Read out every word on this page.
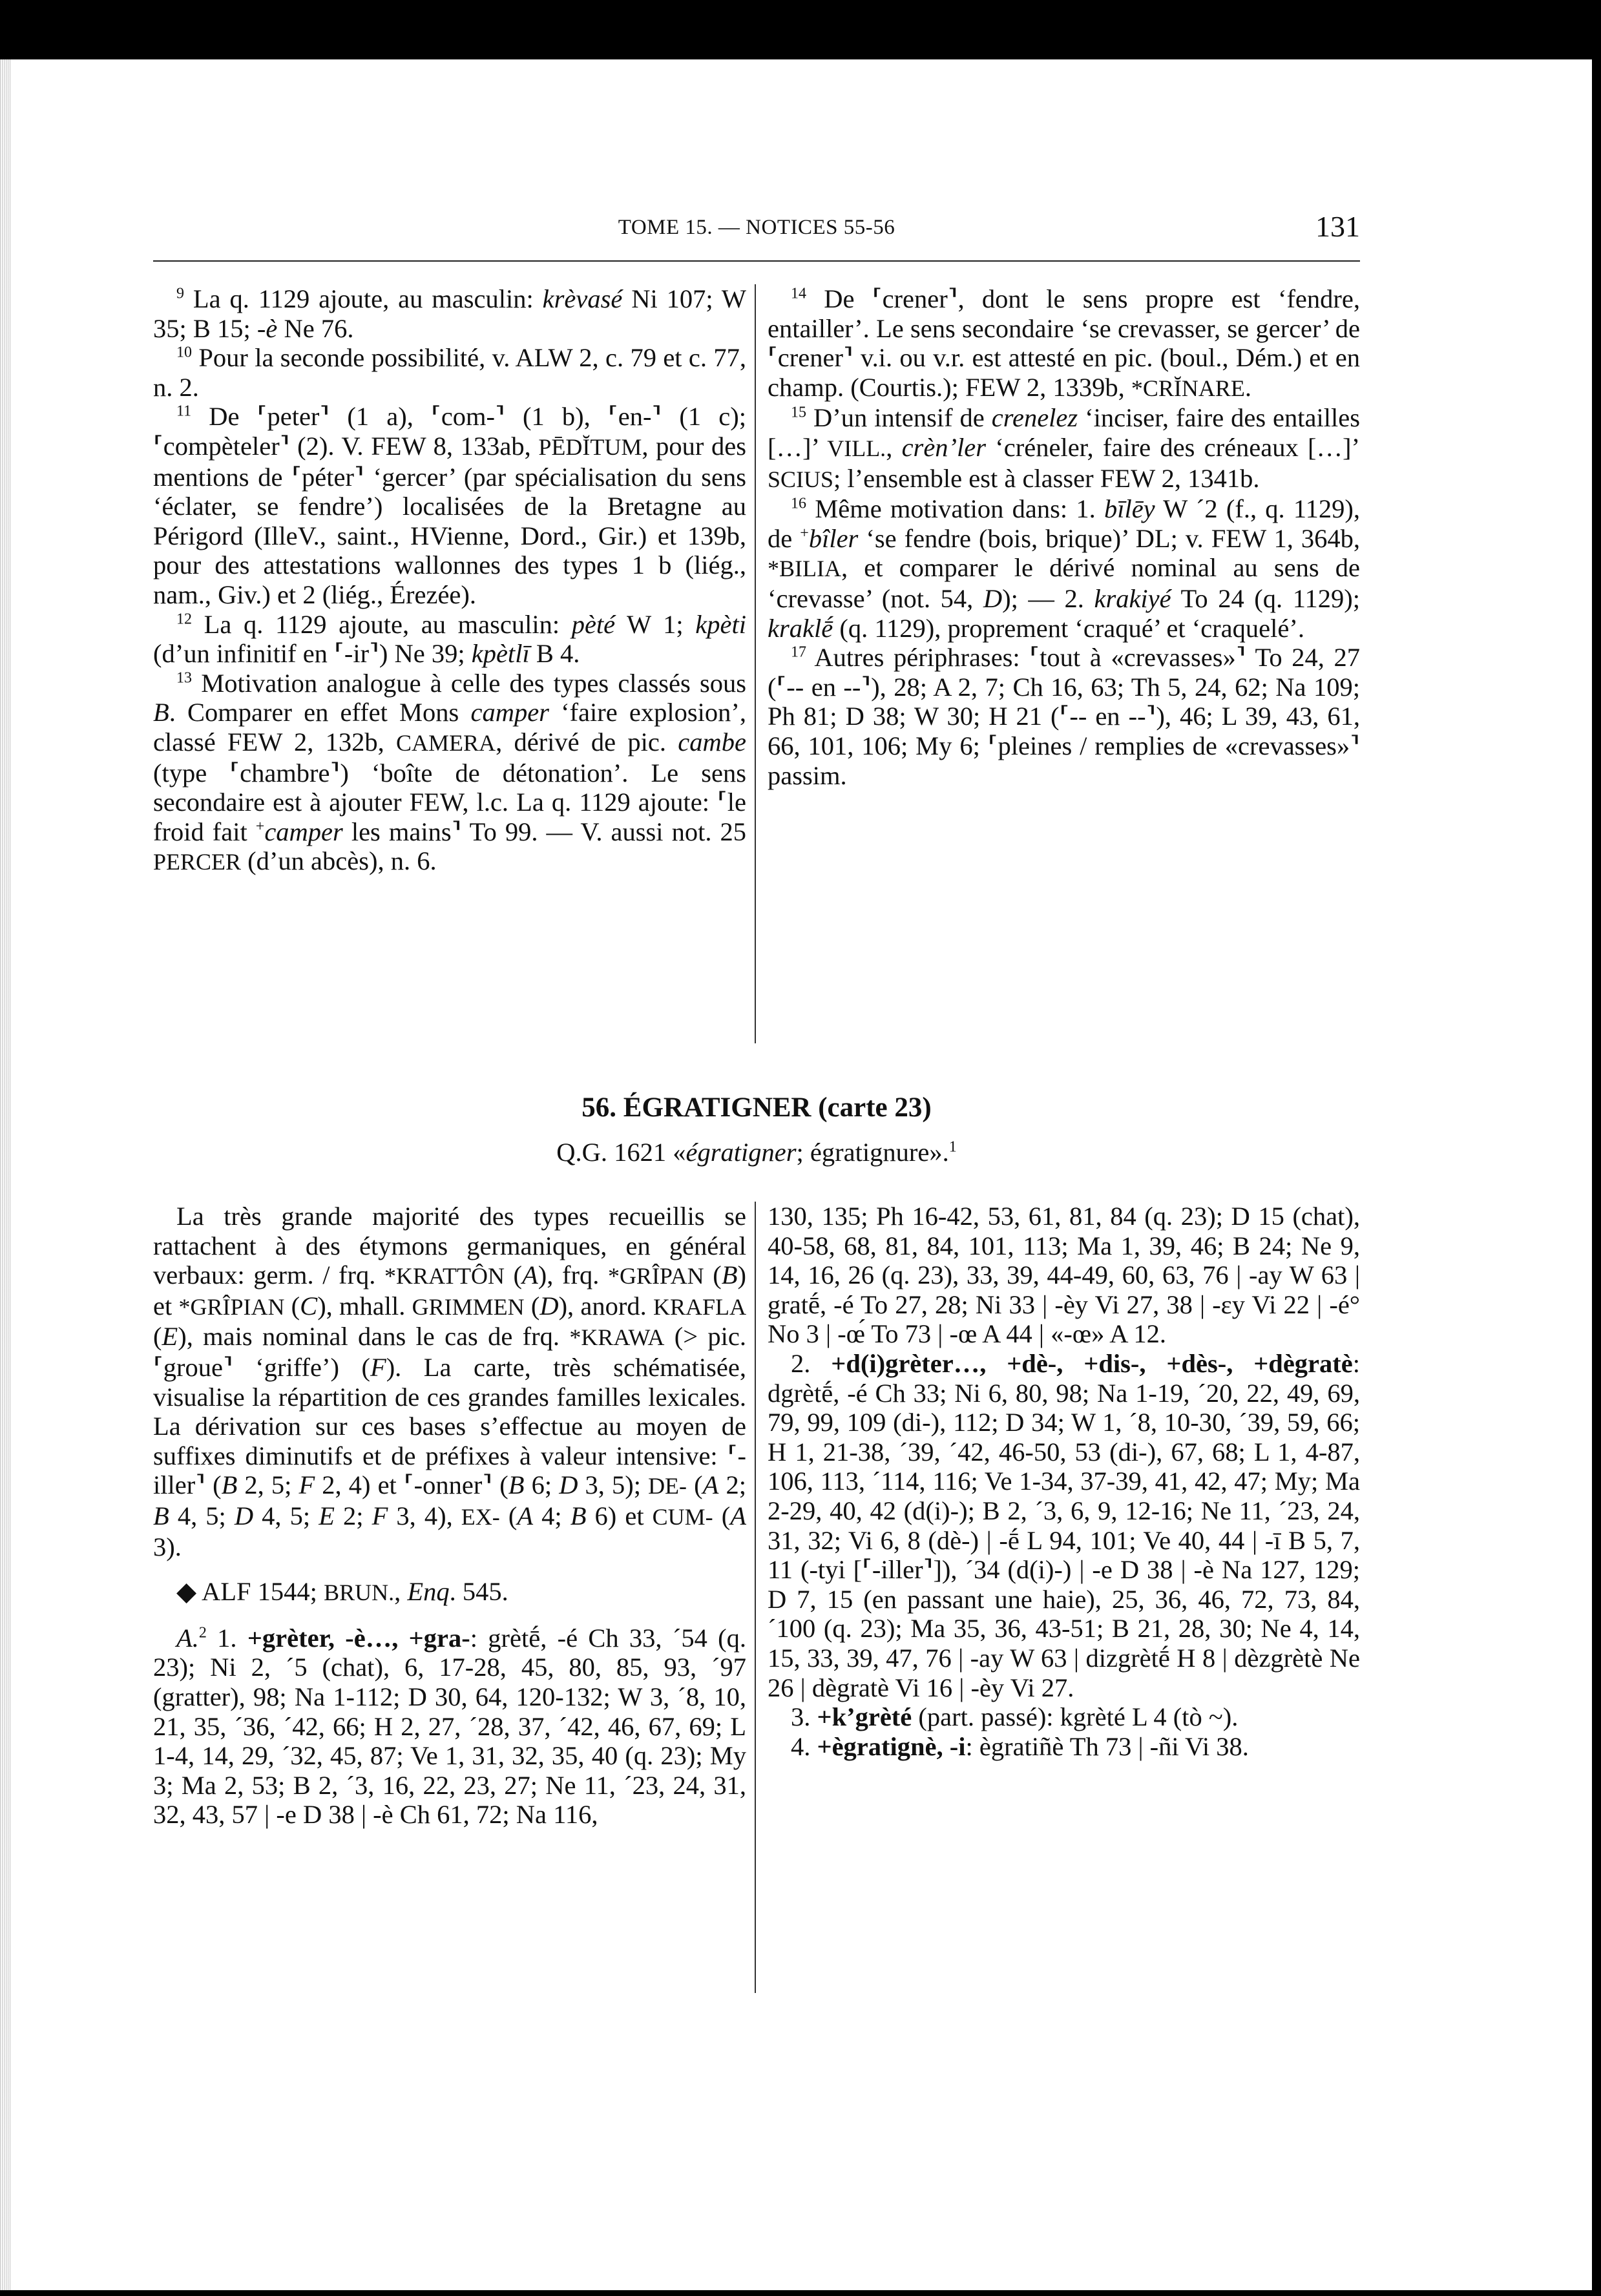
TOME 15. — NOTICES 55-56	131

$^9$ La q. 1129 ajoute, au masculin: krèvasé Ni 107; W 35; B 15; -è Ne 76.

$^{10}$ Pour la seconde possibilité, v. ALW 2, c. 79 et c. 77, n. 2.

$^{11}$ De ⸢peter⸣ (1 a), ⸢com-⸣ (1 b), ⸢en-⸣ (1 c); ⸢compèteler⸣ (2). V. FEW 8, 133ab, PĒDĬTUM, pour des mentions de ⸢péter⸣ ‘gercer’ (par spécialisation du sens ‘éclater, se fendre’) localisées de la Bretagne au Périgord (IlleV., saint., HVienne, Dord., Gir.) et 139b, pour des attestations wallonnes des types 1 b (liég., nam., Giv.) et 2 (liég., Érezée).

$^{12}$ La q. 1129 ajoute, au masculin: pèté W 1; kpèti (d’un infinitif en ⸢-ir⸣) Ne 39; kpètlī B 4.

$^{13}$ Motivation analogue à celle des types classés sous B. Comparer en effet Mons camper ‘faire explosion’, classé FEW 2, 132b, CAMERA, dérivé de pic. cambe (type ⸢chambre⸣) ‘boîte de détonation’. Le sens secondaire est à ajouter FEW, l.c. La q. 1129 ajoute: ⸢le froid fait +camper les mains⸣ To 99. — V. aussi not. 25 PERCER (d’un abcès), n. 6.

$^{14}$ De ⸢crener⸣, dont le sens propre est ‘fendre, entailler’. Le sens secondaire ‘se crevasser, se gercer’ de ⸢crener⸣ v.i. ou v.r. est attesté en pic. (boul., Dém.) et en champ. (Courtis.); FEW 2, 1339b, *CRĬNARE.

$^{15}$ D’un intensif de crenelez ‘inciser, faire des entailles […]’ VILL., crèn’ler ‘créneler, faire des créneaux […]’ SCIUS; l’ensemble est à classer FEW 2, 1341b.

$^{16}$ Même motivation dans: 1. bīlēy W ´2 (f., q. 1129), de +bîler ‘se fendre (bois, brique)’ DL; v. FEW 1, 364b, *BILIA, et comparer le dérivé nominal au sens de ‘crevasse’ (not. 54, D); — 2. krakiyé To 24 (q. 1129); kraklḗ (q. 1129), proprement ‘craqué’ et ‘craquelé’.

$^{17}$ Autres périphrases: ⸢tout à «crevasses»⸣ To 24, 27 (⸢-- en --⸣), 28; A 2, 7; Ch 16, 63; Th 5, 24, 62; Na 109; Ph 81; D 38; W 30; H 21 (⸢-- en --⸣), 46; L 39, 43, 61, 66, 101, 106; My 6; ⸢pleines / remplies de «crevasses»⸣ passim.

56. ÉGRATIGNER (carte 23)
Q.G. 1621 «égratigner; égratignure».$^1$

La très grande majorité des types recueillis se rattachent à des étymons germaniques, en général verbaux: germ. / frq. *KRATTÔN (A), frq. *GRÎPAN (B) et *GRÎPIAN (C), mhall. GRIMMEN (D), anord. KRAFLA (E), mais nominal dans le cas de frq. *KRAWA (> pic. ⸢groue⸣ ‘griffe’) (F). La carte, très schématisée, visualise la répartition de ces grandes familles lexicales. La dérivation sur ces bases s’effectue au moyen de suffixes diminutifs et de préfixes à valeur intensive: ⸢-iller⸣ (B 2, 5; F 2, 4) et ⸢-onner⸣ (B 6; D 3, 5); DE- (A 2; B 4, 5; D 4, 5; E 2; F 3, 4), EX- (A 4; B 6) et CUM- (A 3).

◆ ALF 1544; BRUN., Enq. 545.

A.$^2$ 1. +grèter, -è…, +gra-: grètḗ, -é Ch 33, ´54 (q. 23); Ni 2, ´5 (chat), 6, 17-28, 45, 80, 85, 93, ´97 (gratter), 98; Na 1-112; D 30, 64, 120-132; W 3, ´8, 10, 21, 35, ´36, ´42, 66; H 2, 27, ´28, 37, ´42, 46, 67, 69; L 1-4, 14, 29, ´32, 45, 87; Ve 1, 31, 32, 35, 40 (q. 23); My 3; Ma 2, 53; B 2, ´3, 16, 22, 23, 27; Ne 11, ´23, 24, 31, 32, 43, 57 | -e D 38 | -è Ch 61, 72; Na 116,

130, 135; Ph 16-42, 53, 61, 81, 84 (q. 23); D 15 (chat), 40-58, 68, 81, 84, 101, 113; Ma 1, 39, 46; B 24; Ne 9, 14, 16, 26 (q. 23), 33, 39, 44-49, 60, 63, 76 | -ay W 63 | gratḗ, -é To 27, 28; Ni 33 | -èy Vi 27, 38 | -ɛy Vi 22 | -é° No 3 | -œ́ To 73 | -œ A 44 | «-œ» A 12.

2. +d(i)grèter…, +dè-, +dis-, +dès-, +dègratè: dgrètḗ, -é Ch 33; Ni 6, 80, 98; Na 1-19, ´20, 22, 49, 69, 79, 99, 109 (di-), 112; D 34; W 1, ´8, 10-30, ´39, 59, 66; H 1, 21-38, ´39, ´42, 46-50, 53 (di-), 67, 68; L 1, 4-87, 106, 113, ´114, 116; Ve 1-34, 37-39, 41, 42, 47; My; Ma 2-29, 40, 42 (d(i)-); B 2, ´3, 6, 9, 12-16; Ne 11, ´23, 24, 31, 32; Vi 6, 8 (dè-) | -ḗ L 94, 101; Ve 40, 44 | -ī B 5, 7, 11 (-tyi [⸢-iller⸣]), ´34 (d(i)-) | -e D 38 | -è Na 127, 129; D 7, 15 (en passant une haie), 25, 36, 46, 72, 73, 84, ´100 (q. 23); Ma 35, 36, 43-51; B 21, 28, 30; Ne 4, 14, 15, 33, 39, 47, 76 | -ay W 63 | dizgrètḗ H 8 | dèzgrètè Ne 26 | dègratè Vi 16 | -èy Vi 27.

3. +k’grèté (part. passé): kgrèté L 4 (tò ~).

4. +ègratignè, -i: ègratiñè Th 73 | -ñi Vi 38.
